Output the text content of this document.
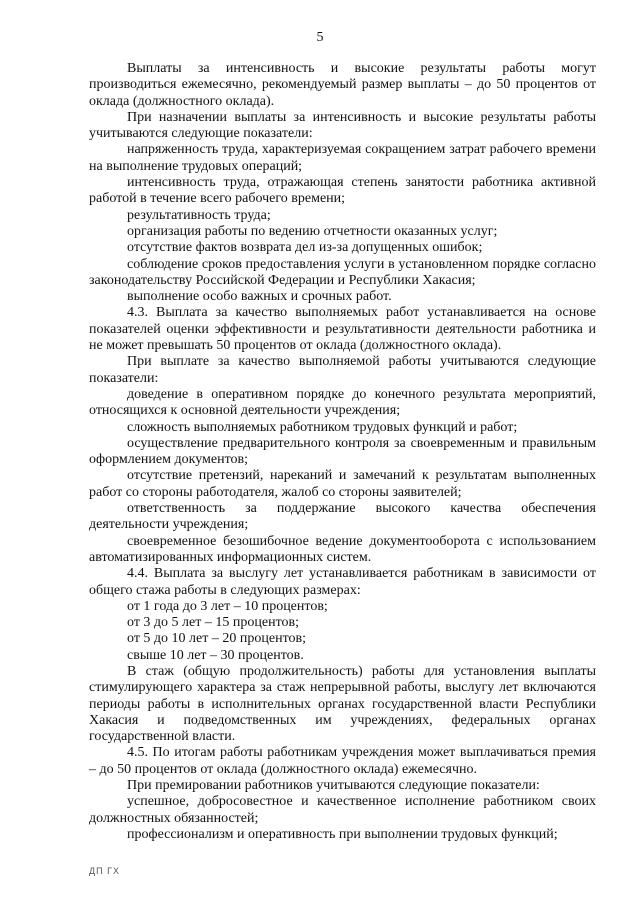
5

Выплаты за интенсивность и высокие результаты работы могут производиться ежемесячно, рекомендуемый размер выплаты – до 50 процентов от оклада (должностного оклада).

При назначении выплаты за интенсивность и высокие результаты работы учитываются следующие показатели:

напряженность труда, характеризуемая сокращением затрат рабочего времени на выполнение трудовых операций;

интенсивность труда, отражающая степень занятости работника активной работой в течение всего рабочего времени;

результативность труда;

организация работы по ведению отчетности оказанных услуг;

отсутствие фактов возврата дел из-за допущенных ошибок;

соблюдение сроков предоставления услуги в установленном порядке согласно законодательству Российской Федерации и Республики Хакасия;

выполнение особо важных и срочных работ.

4.3. Выплата за качество выполняемых работ устанавливается на основе показателей оценки эффективности и результативности деятельности работника и не может превышать 50 процентов от оклада (должностного оклада).

При выплате за качество выполняемой работы учитываются следующие показатели:

доведение в оперативном порядке до конечного результата мероприятий, относящихся к основной деятельности учреждения;

сложность выполняемых работником трудовых функций и работ;

осуществление предварительного контроля за своевременным и правильным оформлением документов;

отсутствие претензий, нареканий и замечаний к результатам выполненных работ со стороны работодателя, жалоб со стороны заявителей;

ответственность за поддержание высокого качества обеспечения деятельности учреждения;

своевременное безошибочное ведение документооборота с использованием автоматизированных информационных систем.

4.4. Выплата за выслугу лет устанавливается работникам в зависимости от общего стажа работы в следующих размерах:

от 1 года до 3 лет – 10 процентов;

от 3 до 5 лет – 15 процентов;

от 5 до 10 лет – 20 процентов;

свыше 10 лет – 30 процентов.

В стаж (общую продолжительность) работы для установления выплаты стимулирующего характера за стаж непрерывной работы, выслугу лет включаются периоды работы в исполнительных органах государственной власти Республики Хакасия и подведомственных им учреждениях, федеральных органах государственной власти.

4.5. По итогам работы работникам учреждения может выплачиваться премия – до 50 процентов от оклада (должностного оклада) ежемесячно.

При премировании работников учитываются следующие показатели:

успешное, добросовестное и качественное исполнение работником своих должностных обязанностей;

профессионализм и оперативность при выполнении трудовых функций;

ДП ГХ
